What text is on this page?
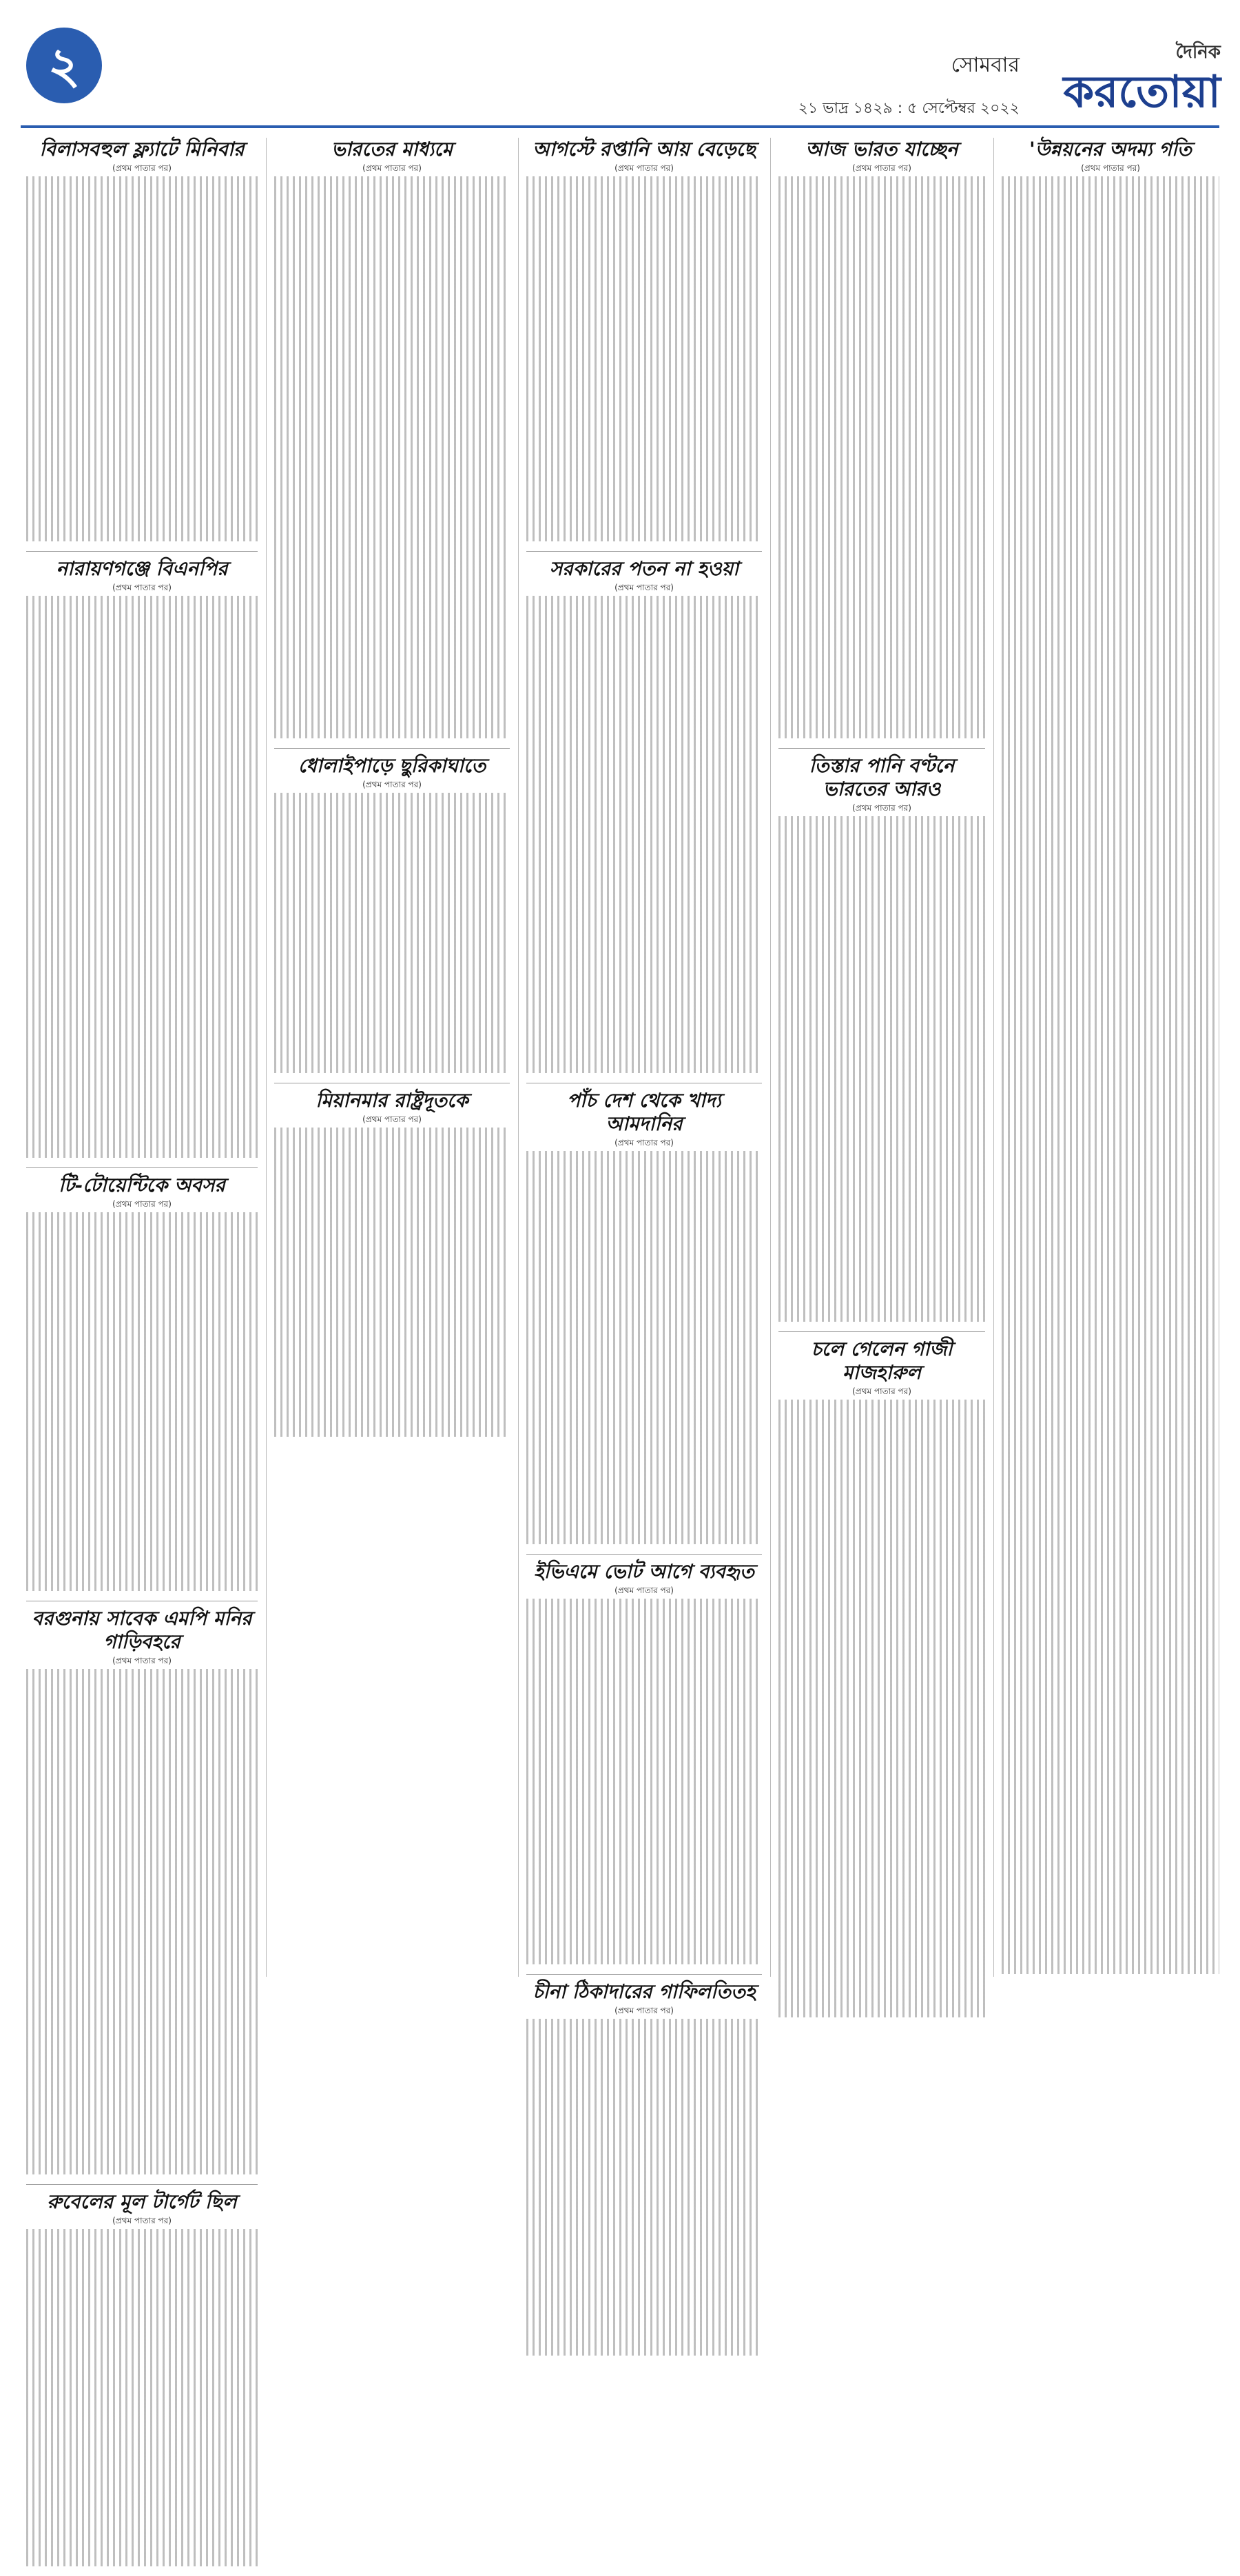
২	সোমবার
২১ ভাদ্র ১৪২৯ : ৫ সেপ্টেম্বর ২০২২
দৈনিক
করতোয়া
বিলাসবহুল ফ্ল্যাটে মিনিবার
(প্রথম পাতার পর)
নারায়ণগঞ্জে বিএনপির
(প্রথম পাতার পর)
টি-টোয়েন্টিকে অবসর
(প্রথম পাতার পর)
বরগুনায় সাবেক এমপি মনির গাড়িবহরে
(প্রথম পাতার পর)
রুবেলের মূল টার্গেট ছিল
(প্রথম পাতার পর)
ভারতের মাধ্যমে
(প্রথম পাতার পর)
ধোলাইপাড়ে ছুরিকাঘাতে
(প্রথম পাতার পর)
মিয়ানমার রাষ্ট্রদূতকে
(প্রথম পাতার পর)
আগস্টে রপ্তানি আয় বেড়েছে
(প্রথম পাতার পর)
সরকারের পতন না হওয়া
(প্রথম পাতার পর)
পাঁচ দেশ থেকে খাদ্য আমদানির
(প্রথম পাতার পর)
ইভিএমে ভোট আগে ব্যবহৃত
(প্রথম পাতার পর)
চীনা ঠিকাদারের গাফিলতিতহ
(প্রথম পাতার পর)
আজ ভারত যাচ্ছেন
(প্রথম পাতার পর)
তিস্তার পানি বণ্টনে ভারতের আরও
(প্রথম পাতার পর)
চলে গেলেন গাজী মাজহারুল
(প্রথম পাতার পর)
'উন্নয়নের অদম্য গতি
(প্রথম পাতার পর)
